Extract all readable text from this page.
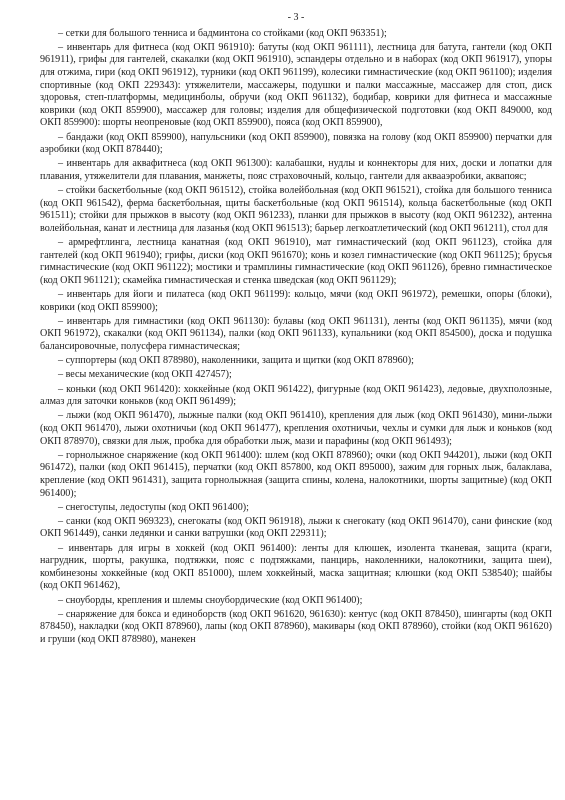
- 3 -

– сетки для большого тенниса и бадминтона со стойками (код ОКП 963351);

– инвентарь для фитнеса (код ОКП 961910): батуты (код ОКП 961111), лестница для батута, гантели (код ОКП 961911), грифы для гантелей, скакалки (код ОКП 961910), эспандеры отдельно и в наборах (код ОКП 961917), упоры для отжима, гири (код ОКП 961912), турники (код ОКП 961199), колесики гимнастические (код ОКП 961100); изделия спортивные (код ОКП 229343): утяжелители, массажеры, подушки и палки массажные, массажер для стоп, диск здоровья, степ-платформы, медицинболы, обручи (код ОКП 961132), бодибар, коврики для фитнеса и массажные коврики (код ОКП 859900), массажер для головы; изделия для общефизической подготовки (код ОКП 849000, код ОКП 859900): шорты неопреновые (код ОКП 859900), пояса (код ОКП 859900),

– бандажи (код ОКП 859900), напульсники (код ОКП 859900), повязка на голову (код ОКП 859900) перчатки для аэробики (код ОКП 878440);

– инвентарь для аквафитнеса (код ОКП 961300): калабашки, нудлы и коннекторы для них, доски и лопатки для плавания, утяжелители для плавания, манжеты, пояс страховочный, кольцо, гантели для аквааэробики, аквапояс;

– стойки баскетбольные (код ОКП 961512), стойка волейбольная (код ОКП 961521), стойка для большого тенниса (код ОКП 961542), ферма баскетбольная, щиты баскетбольные (код ОКП 961514), кольца баскетбольные (код ОКП 961511); стойки для прыжков в высоту (код ОКП 961233), планки для прыжков в высоту (код ОКП 961232), антенна волейбольная, канат и лестница для лазанья (код ОКП 961513); барьер легкоатлетический (код ОКП 961211), стол для

– армрефтлинга, лестница канатная (код ОКП 961910), мат гимнастический (код ОКП 961123), стойка для гантелей (код ОКП 961940); грифы, диски (код ОКП 961670); конь и козел гимнастические (код ОКП 961125); брусья гимнастические (код ОКП 961122); мостики и трамплины гимнастические (код ОКП 961126), бревно гимнастическое (код ОКП 961121); скамейка гимнастическая и стенка шведская (код ОКП 961129);

– инвентарь для йоги и пилатеса (код ОКП 961199): кольцо, мячи (код ОКП 961972), ремешки, опоры (блоки), коврики (код ОКП 859900);

– инвентарь для гимнастики (код ОКП 961130): булавы (код ОКП 961131), ленты (код ОКП 961135), мячи (код ОКП 961972), скакалки (код ОКП 961134), палки (код ОКП 961133), купальники (код ОКП 854500), доска и подушка балансировочные, полусфера гимнастическая;

– суппортеры (код ОКП 878980), наколенники, защита и щитки (код ОКП 878960);

– весы механические (код ОКП 427457);

– коньки (код ОКП 961420): хоккейные (код ОКП 961422), фигурные (код ОКП 961423), ледовые, двухполозные, алмаз для заточки коньков (код ОКП 961499);

– лыжи (код ОКП 961470), лыжные палки (код ОКП 961410), крепления для лыж (код ОКП 961430), мини-лыжи (код ОКП 961470), лыжи охотничьи (код ОКП 961477), крепления охотничьи, чехлы и сумки для лыж и коньков (код ОКП 878970), связки для лыж, пробка для обработки лыж, мази и парафины (код ОКП 961493);

– горнолыжное снаряжение (код ОКП 961400): шлем (код ОКП 878960); очки (код ОКП 944201), лыжи (код ОКП 961472), палки (код ОКП 961415), перчатки (код ОКП 857800, код ОКП 895000), зажим для горных лыж, балаклава, крепление (код ОКП 961431), защита горнолыжная (защита спины, колена, налокотники, шорты защитные) (код ОКП 961400);

– снегоступы, ледоступы (код ОКП 961400);

– санки (код ОКП 969323), снегокаты (код ОКП 961918), лыжи к снегокату (код ОКП 961470), сани финские (код ОКП 961449), санки ледянки и санки ватрушки (код ОКП 229311);

– инвентарь для игры в хоккей (код ОКП 961400): ленты для клюшек, изолента тканевая, защита (краги, нагрудник, шорты, ракушка, подтяжки, пояс с подтяжками, панцирь, наколенники, налокотники, защита шеи), комбинезоны хоккейные (код ОКП 851000), шлем хоккейный, маска защитная; клюшки (код ОКП 538540); шайбы (код ОКП 961462),

– сноуборды, крепления и шлемы сноубордические (код ОКП 961400);

– снаряжение для бокса и единоборств (код ОКП 961620, 961630): кентус (код ОКП 878450), шингарты (код ОКП 878450), накладки (код ОКП 878960), лапы (код ОКП 878960), макивары (код ОКП 878960), стойки (код ОКП 961620) и груши (код ОКП 878980), манекен
